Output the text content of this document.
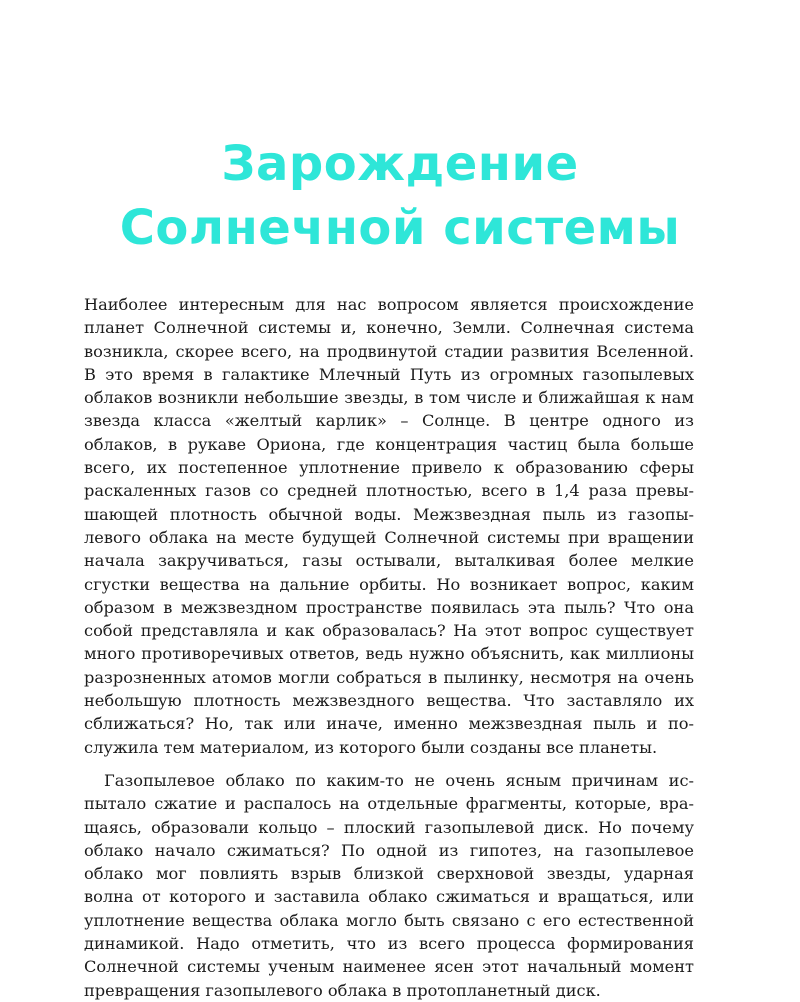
Зарождение
Солнечной системы

Наиболее интересным для нас вопросом является происхождение планет Солнечной системы и, конечно, Земли. Солнечная система возникла, скорее всего, на продвинутой стадии развития Вселенной. В это время в галактике Млечный Путь из огромных газопылевых облаков возникли небольшие звезды, в том числе и ближайшая к нам звезда класса «желтый карлик» – Солнце. В центре одного из облаков, в рукаве Ориона, где концентрация частиц была больше всего, их постепенное уплотнение привело к образованию сферы раскаленных газов со средней плотностью, всего в 1,4 раза превышающей плотность обычной воды. Межзвездная пыль из газопылевого облака на месте будущей Солнечной системы при вращении начала закручиваться, газы остывали, выталкивая более мелкие сгустки вещества на дальние орбиты. Но возникает вопрос, каким образом в межзвездном пространстве появилась эта пыль? Что она собой представляла и как образовалась? На этот вопрос существует много противоречивых ответов, ведь нужно объяснить, как миллионы разрозненных атомов могли собраться в пылинку, несмотря на очень небольшую плотность межзвездного вещества. Что заставляло их сближаться? Но, так или иначе, именно межзвездная пыль и послужила тем материалом, из которого были созданы все планеты.

Газопылевое облако по каким-то не очень ясным причинам испытало сжатие и распалось на отдельные фрагменты, которые, вращаясь, образовали кольцо – плоский газопылевой диск. Но почему облако начало сжиматься? По одной из гипотез, на газопылевое облако мог повлиять взрыв близкой сверхновой звезды, ударная волна от которого и заставила облако сжиматься и вращаться, или уплотнение вещества облака могло быть связано с его естественной динамикой. Надо отметить, что из всего процесса формирования Солнечной системы ученым наименее ясен этот начальный момент превращения газопылевого облака в протопланетный диск.
